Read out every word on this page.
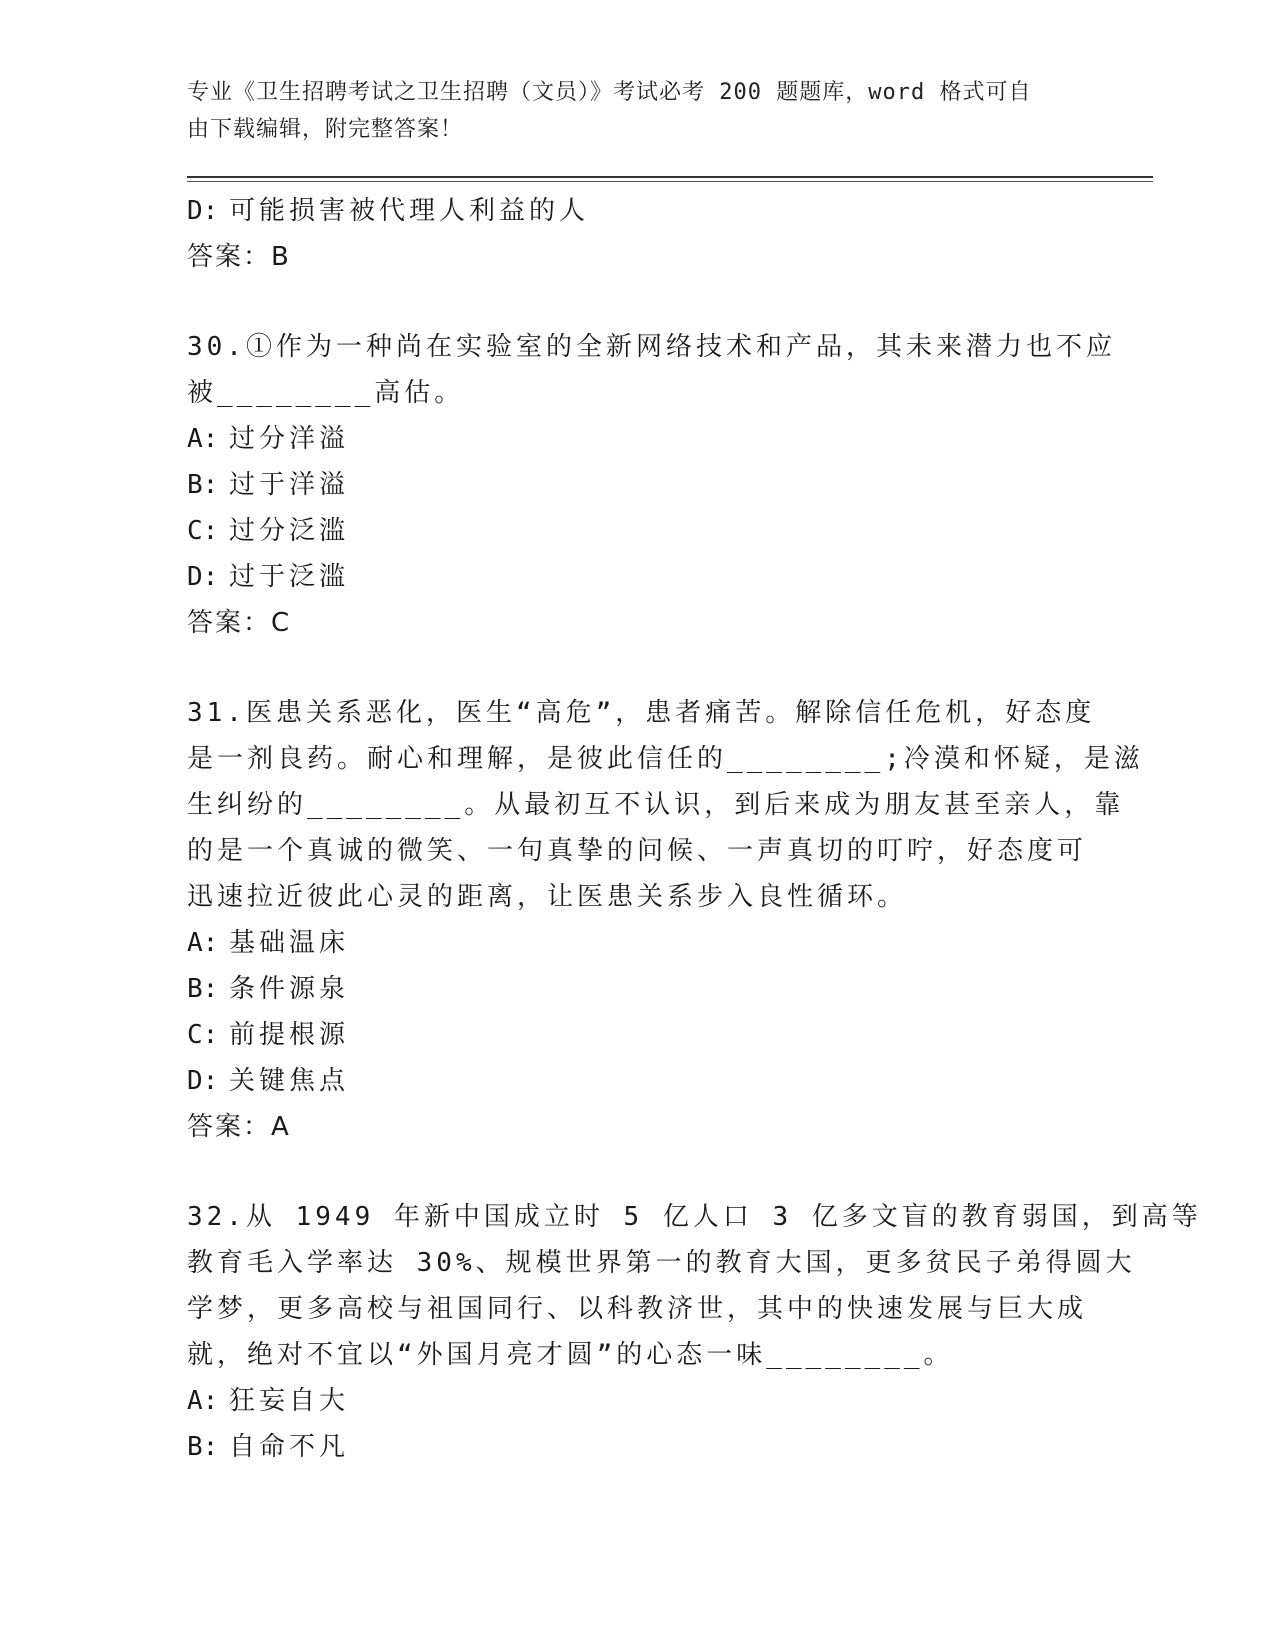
专业《卫生招聘考试之卫生招聘（文员）》考试必考 200 题题库，word 格式可自
由下载编辑，附完整答案！
D: 可能损害被代理人利益的人
答案：B
30.①作为一种尚在实验室的全新网络技术和产品，其未来潜力也不应
被________高估。
A: 过分洋溢
B: 过于洋溢
C: 过分泛滥
D: 过于泛滥
答案：C
31.医患关系恶化，医生“高危”，患者痛苦。解除信任危机，好态度
是一剂良药。耐心和理解，是彼此信任的________;冷漠和怀疑，是滋
生纠纷的________。从最初互不认识，到后来成为朋友甚至亲人，靠
的是一个真诚的微笑、一句真挚的问候、一声真切的叮咛，好态度可
迅速拉近彼此心灵的距离，让医患关系步入良性循环。
A: 基础温床
B: 条件源泉
C: 前提根源
D: 关键焦点
答案：A
32.从 1949 年新中国成立时 5 亿人口 3 亿多文盲的教育弱国，到高等
教育毛入学率达 30%、规模世界第一的教育大国，更多贫民子弟得圆大
学梦，更多高校与祖国同行、以科教济世，其中的快速发展与巨大成
就，绝对不宜以“外国月亮才圆”的心态一味________。
A: 狂妄自大
B: 自命不凡
